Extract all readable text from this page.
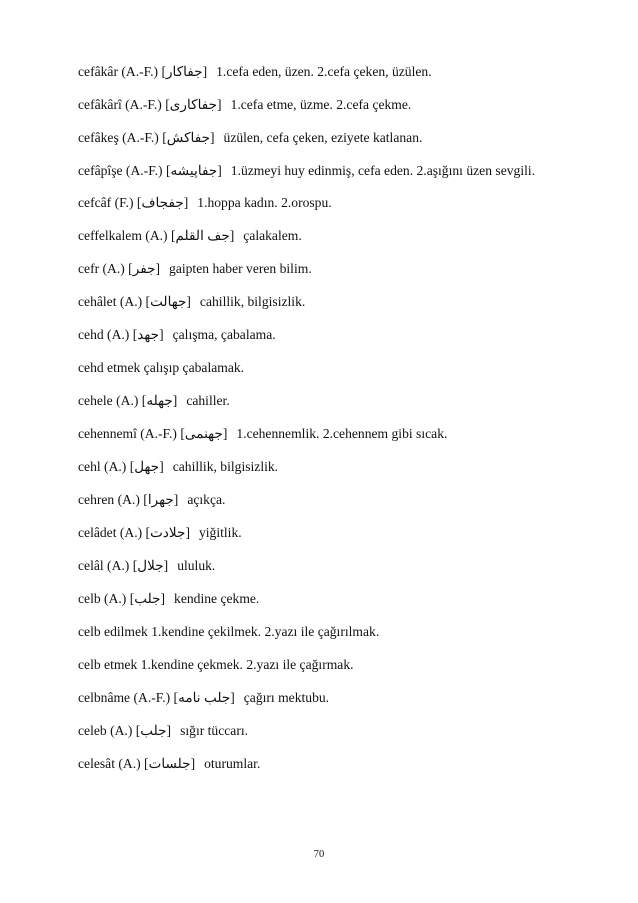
cefâkâr (A.-F.) [جفاكار] 1.cefa eden, üzen. 2.cefa çeken, üzülen.
cefâkârî (A.-F.) [جفاكارى] 1.cefa etme, üzme. 2.cefa çekme.
cefâkeş (A.-F.) [جفاكش] üzülen, cefa çeken, eziyete katlanan.
cefâpîşe (A.-F.) [جفاپيشه] 1.üzmeyi huy edinmiş, cefa eden. 2.aşığını üzen sevgili.
cefcâf (F.) [جفجاف] 1.hoppa kadın. 2.orospu.
ceffelkalem (A.) [جف القلم] çalakalem.
cefr (A.) [جفر] gaipten haber veren bilim.
cehâlet (A.) [جهالت] cahillik, bilgisizlik.
cehd (A.) [جهد] çalışma, çabalama.
cehd etmek çalışıp çabalamak.
cehele (A.) [جهله] cahiller.
cehennemî (A.-F.) [جهنمى] 1.cehennemlik. 2.cehennem gibi sıcak.
cehl (A.) [جهل] cahillik, bilgisizlik.
cehren (A.) [جهرا] açıkça.
celâdet (A.) [جلادت] yiğitlik.
celâl (A.) [جلال] ululuk.
celb (A.) [جلب] kendine çekme.
celb edilmek 1.kendine çekilmek. 2.yazı ile çağırılmak.
celb etmek 1.kendine çekmek. 2.yazı ile çağırmak.
celbnâme (A.-F.) [جلب نامه] çağırı mektubu.
celeb (A.) [جلب] sığır tüccarı.
celesât (A.) [جلسات] oturumlar.
70
